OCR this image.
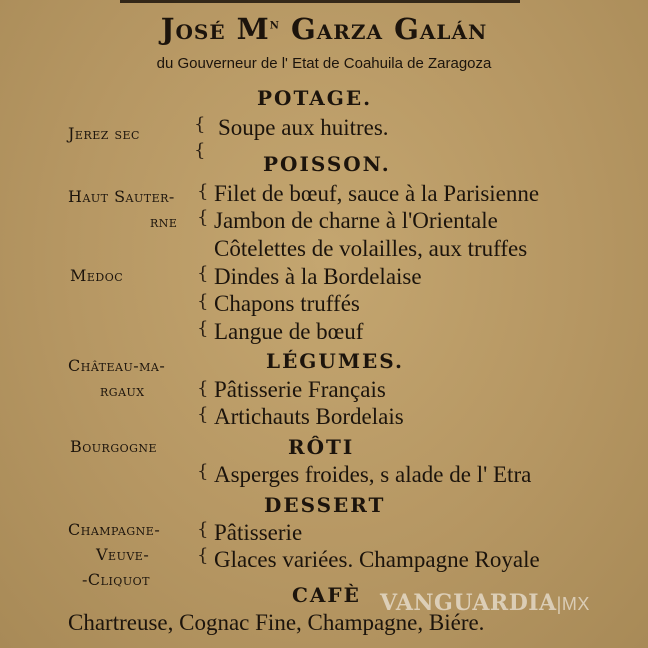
José $M^n$ Garza Galán
du Gouverneur de l' Etat de Coahuila de Zaragoza
POTAGE.
POISSON.
LÉGUMES.
RÔTI
DESSERT
CAFÈ
Jerez sec
Haut Sauter-
rne
Medoc
Château-ma-
rgaux
Bourgogne
Champagne-
Veuve-
-Cliquot
{
{
{
{
{
{
{
{
{
{
{
{
Soupe aux huitres.
Filet de bœuf, sauce à la Parisienne
Jambon de charne à l'Orientale
Côtelettes de volailles, aux truffes
Dindes à la Bordelaise
Chapons truffés
Langue de bœuf
Pâtisserie Français
Artichauts Bordelais
Asperges froides, s alade de l' Etra
Pâtisserie
Glaces variées. Champagne Royale
Chartreuse, Cognac Fine, Champagne, Biére.
VANGUARDIA|MX
